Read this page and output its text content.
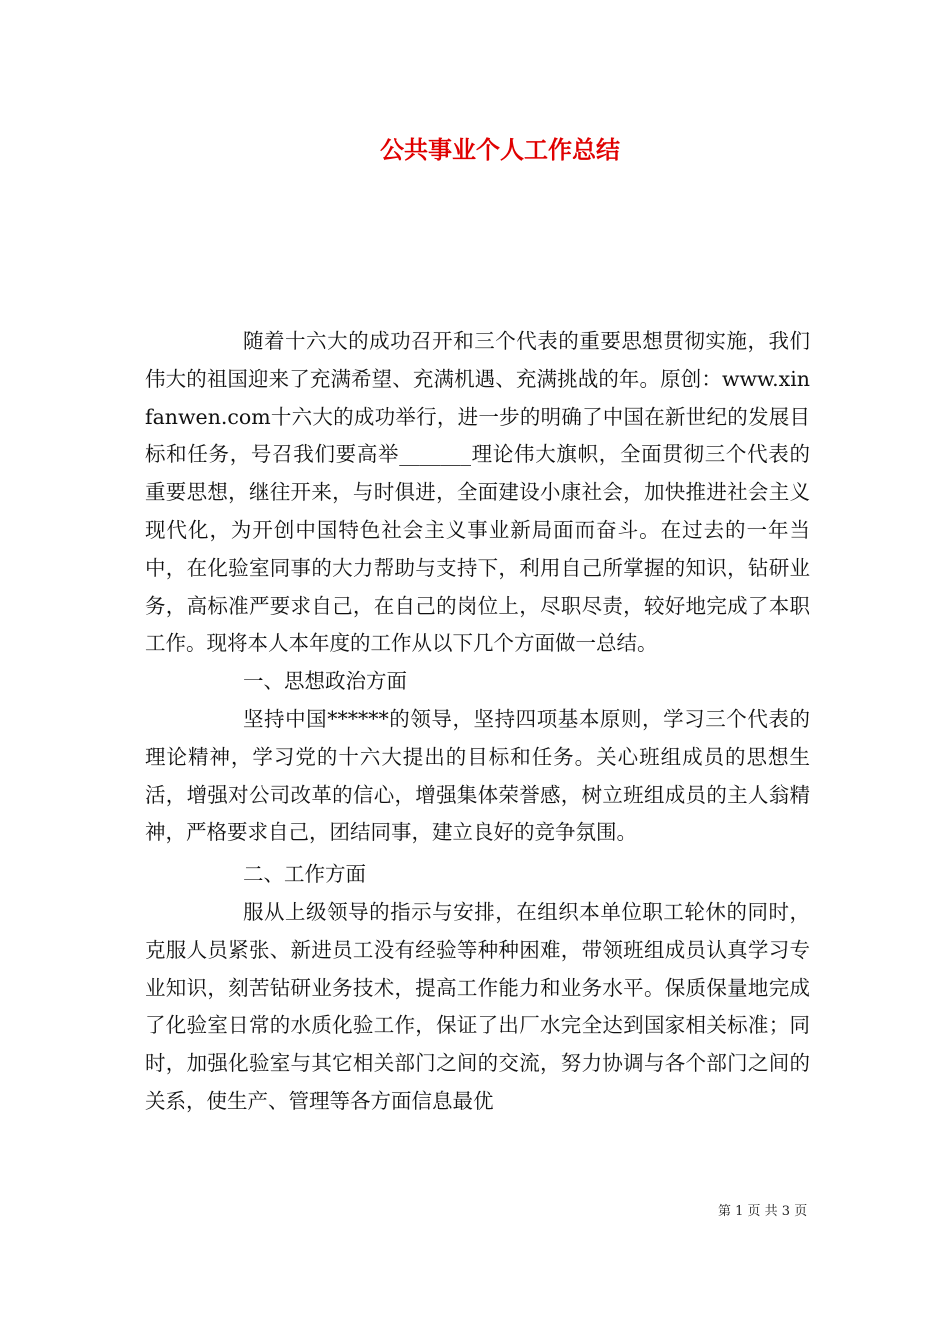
公共事业个人工作总结

随着十六大的成功召开和三个代表的重要思想贯彻实施，我们伟大的祖国迎来了充满希望、充满机遇、充满挑战的年。原创：www.xinfanwen.com十六大的成功举行，进一步的明确了中国在新世纪的发展目标和任务，号召我们要高举_______理论伟大旗帜，全面贯彻三个代表的重要思想，继往开来，与时俱进，全面建设小康社会，加快推进社会主义现代化，为开创中国特色社会主义事业新局面而奋斗。在过去的一年当中，在化验室同事的大力帮助与支持下，利用自己所掌握的知识，钻研业务，高标准严要求自己，在自己的岗位上，尽职尽责，较好地完成了本职工作。现将本人本年度的工作从以下几个方面做一总结。

一、思想政治方面

坚持中国******的领导，坚持四项基本原则，学习三个代表的理论精神，学习党的十六大提出的目标和任务。关心班组成员的思想生活，增强对公司改革的信心，增强集体荣誉感，树立班组成员的主人翁精神，严格要求自己，团结同事，建立良好的竞争氛围。

二、工作方面

服从上级领导的指示与安排，在组织本单位职工轮休的同时，克服人员紧张、新进员工没有经验等种种困难，带领班组成员认真学习专业知识，刻苦钻研业务技术，提高工作能力和业务水平。保质保量地完成了化验室日常的水质化验工作，保证了出厂水完全达到国家相关标准；同时，加强化验室与其它相关部门之间的交流，努力协调与各个部门之间的关系，使生产、管理等各方面信息最优

第 1 页 共 3 页
